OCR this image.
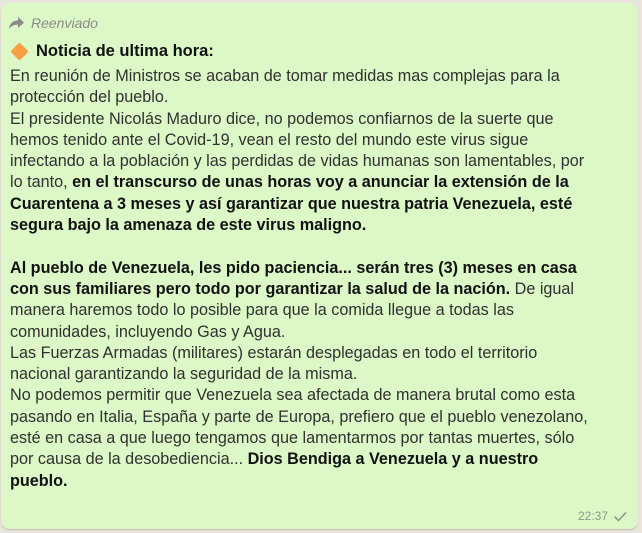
Reenviado
Noticia de ultima hora:
En reunión de Ministros se acaban de tomar medidas mas complejas para la
protección del pueblo.
El presidente Nicolás Maduro dice, no podemos confiarnos de la suerte que
hemos tenido ante el Covid-19, vean el resto del mundo este virus sigue
infectando a la población y las perdidas de vidas humanas son lamentables, por
lo tanto, en el transcurso de unas horas voy a anunciar la extensión de la
Cuarentena a 3 meses y así garantizar que nuestra patria Venezuela, esté
segura bajo la amenaza de este virus maligno.
Al pueblo de Venezuela, les pido paciencia... serán tres (3) meses en casa
con sus familiares pero todo por garantizar la salud de la nación. De igual
manera haremos todo lo posible para que la comida llegue a todas las
comunidades, incluyendo Gas y Agua.
Las Fuerzas Armadas (militares) estarán desplegadas en todo el territorio
nacional garantizando la seguridad de la misma.
No podemos permitir que Venezuela sea afectada de manera brutal como esta
pasando en Italia, España y parte de Europa, prefiero que el pueblo venezolano,
esté en casa a que luego tengamos que lamentarmos por tantas muertes, sólo
por causa de la desobediencia... Dios Bendiga a Venezuela y a nuestro
pueblo.
22:37
